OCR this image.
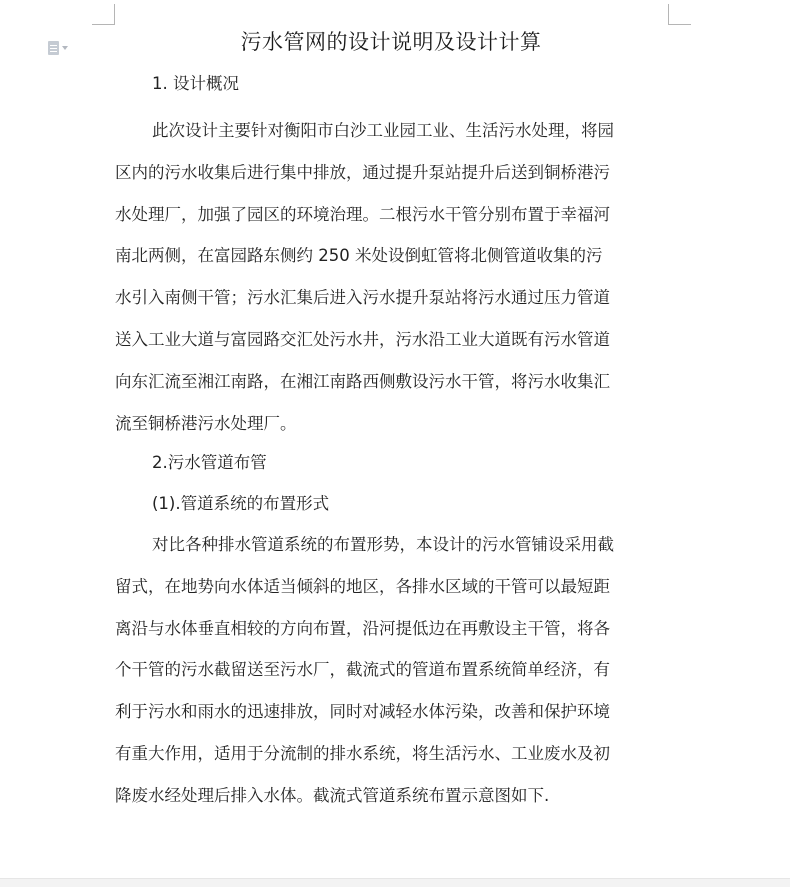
污水管网的设计说明及设计计算
1. 设计概况
此次设计主要针对衡阳市白沙工业园工业、生活污水处理，将园
区内的污水收集后进行集中排放，通过提升泵站提升后送到铜桥港污
水处理厂，加强了园区的环境治理。二根污水干管分别布置于幸福河
南北两侧，在富园路东侧约 250 米处设倒虹管将北侧管道收集的污
水引入南侧干管；污水汇集后进入污水提升泵站将污水通过压力管道
送入工业大道与富园路交汇处污水井，污水沿工业大道既有污水管道
向东汇流至湘江南路，在湘江南路西侧敷设污水干管，将污水收集汇
流至铜桥港污水处理厂。
2.污水管道布管
(1).管道系统的布置形式
对比各种排水管道系统的布置形势，本设计的污水管铺设采用截
留式，在地势向水体适当倾斜的地区，各排水区域的干管可以最短距
离沿与水体垂直相较的方向布置，沿河提低边在再敷设主干管，将各
个干管的污水截留送至污水厂，截流式的管道布置系统简单经济，有
利于污水和雨水的迅速排放，同时对减轻水体污染，改善和保护环境
有重大作用，适用于分流制的排水系统，将生活污水、工业废水及初
降废水经处理后排入水体。截流式管道系统布置示意图如下.
